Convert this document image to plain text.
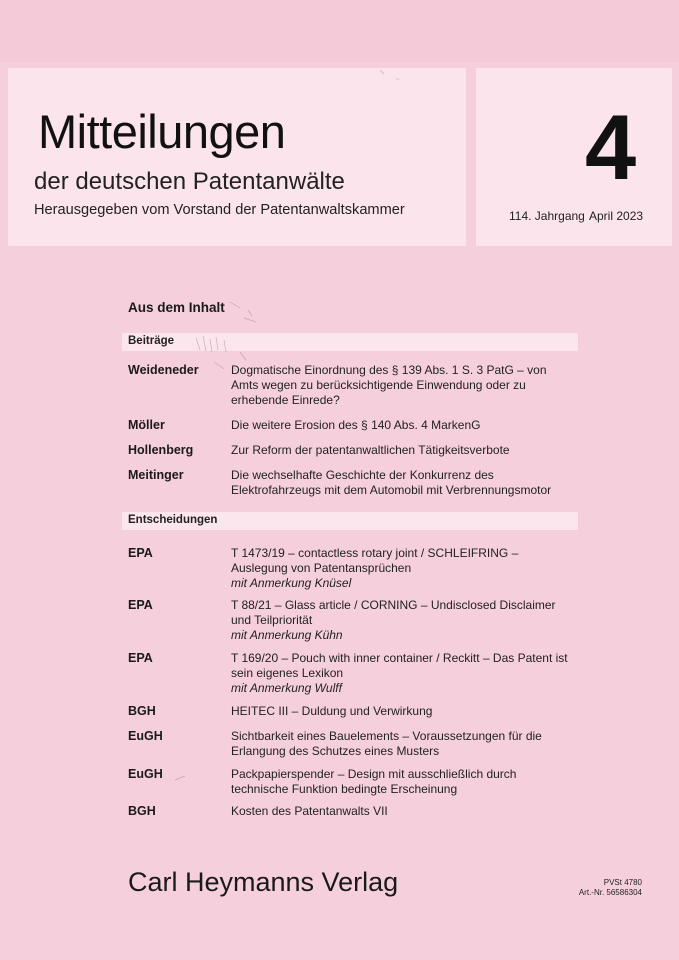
Mitteilungen
der deutschen Patentanwälte
Herausgegeben vom Vorstand der Patentanwaltskammer
4
114. Jahrgang April 2023
Aus dem Inhalt
Beiträge
Weideneder	Dogmatische Einordnung des § 139 Abs. 1 S. 3 PatG – von Amts wegen zu berücksichtigende Einwendung oder zu erhebende Einrede?
Möller	Die weitere Erosion des § 140 Abs. 4 MarkenG
Hollenberg	Zur Reform der patentanwaltlichen Tätigkeitsverbote
Meitinger	Die wechselhafte Geschichte der Konkurrenz des Elektrofahrzeugs mit dem Automobil mit Verbrennungsmotor
Entscheidungen
EPA	T 1473/19 – contactless rotary joint / SCHLEIFRING – Auslegung von Patentansprüchen
mit Anmerkung Knüsel
EPA	T 88/21 – Glass article / CORNING – Undisclosed Disclaimer und Teilpriorität
mit Anmerkung Kühn
EPA	T 169/20 – Pouch with inner container / Reckitt – Das Patent ist sein eigenes Lexikon
mit Anmerkung Wulff
BGH	HEITEC III – Duldung und Verwirkung
EuGH	Sichtbarkeit eines Bauelements – Voraussetzungen für die Erlangung des Schutzes eines Musters
EuGH	Packpapierspender – Design mit ausschließlich durch technische Funktion bedingte Erscheinung
BGH	Kosten des Patentanwalts VII
Carl Heymanns Verlag	PVSt 4780
Art.-Nr. 56586304
